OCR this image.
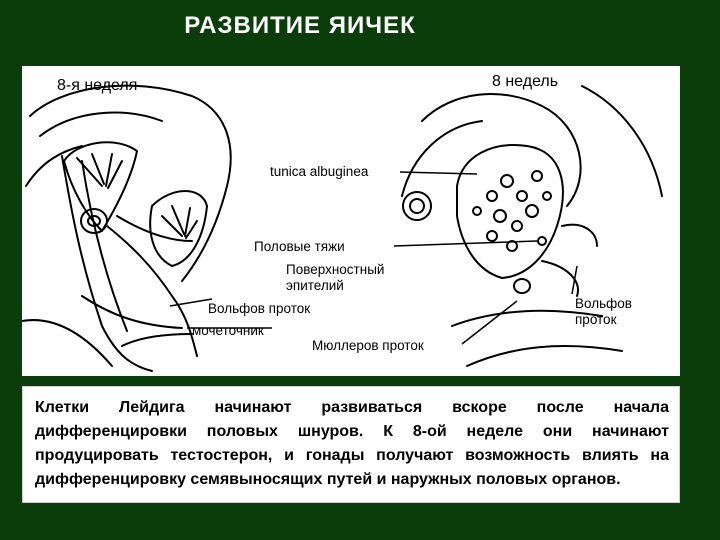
РАЗВИТИЕ ЯИЧЕК
8-я неделя	8 недель
tunica albuginea
Половые тяжи
Поверхностный эпителий
Вольфов проток
мочеточник
Мюллеров проток
Вольфов проток
Клетки Лейдига начинают развиваться вскоре после начала дифференцировки половых шнуров. К 8-ой неделе они начинают продуцировать тестостерон, и гонады получают возможность влиять на дифференцировку семявыносящих путей и наружных половых органов.
